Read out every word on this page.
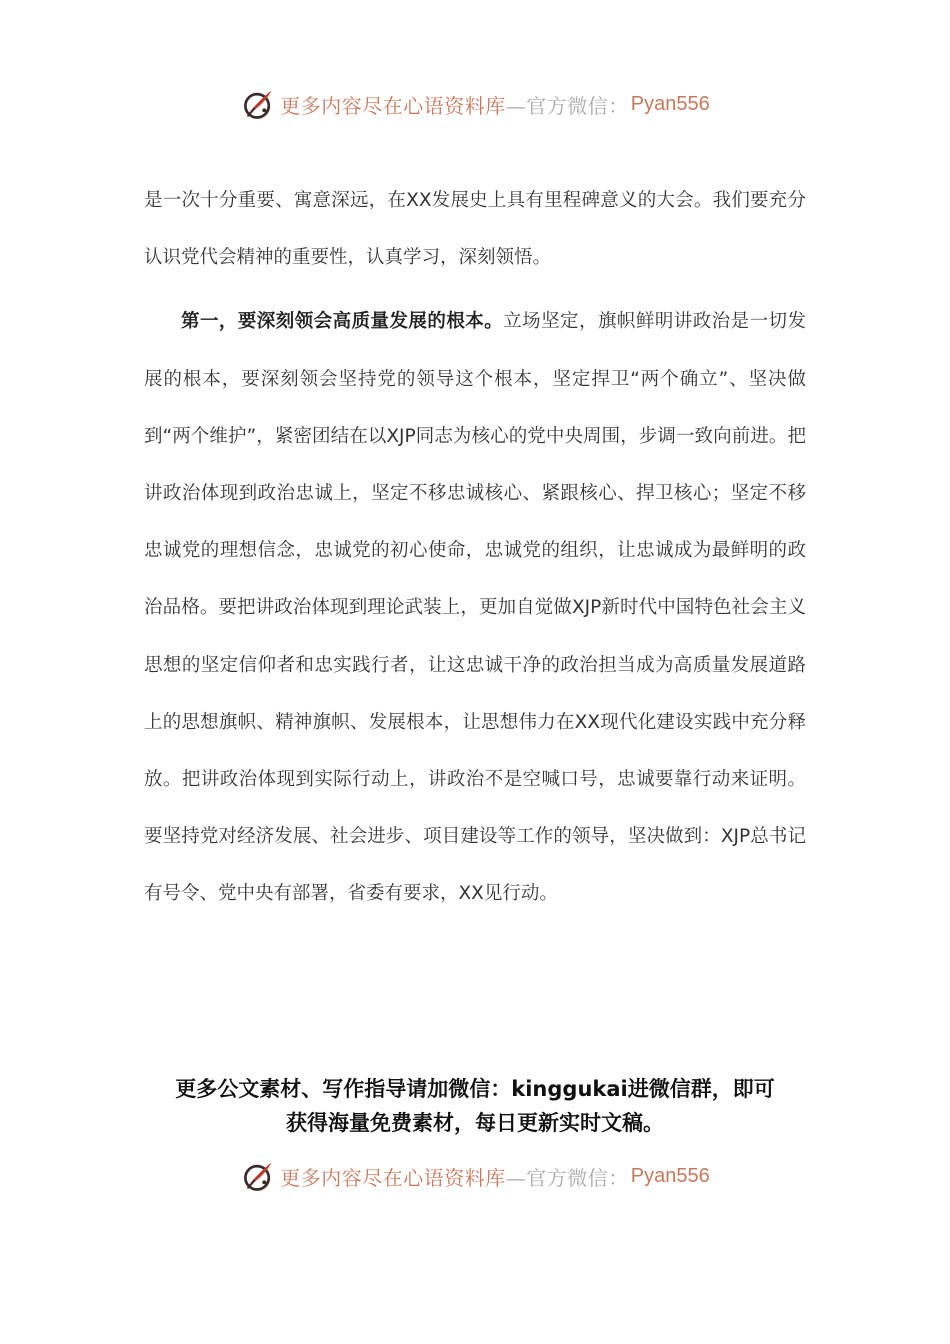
更多内容尽在心语资料库 —官方微信： Pyan556

是一次十分重要、寓意深远，在XX发展史上具有里程碑意义的大会。我们要充分认识党代会精神的重要性，认真学习，深刻领悟。

第一，要深刻领会高质量发展的根本。立场坚定，旗帜鲜明讲政治是一切发展的根本，要深刻领会坚持党的领导这个根本，坚定捍卫“两个确立”、坚决做到“两个维护”，紧密团结在以XJP同志为核心的党中央周围，步调一致向前进。把讲政治体现到政治忠诚上，坚定不移忠诚核心、紧跟核心、捍卫核心；坚定不移忠诚党的理想信念，忠诚党的初心使命，忠诚党的组织，让忠诚成为最鲜明的政治品格。要把讲政治体现到理论武装上，更加自觉做XJP新时代中国特色社会主义思想的坚定信仰者和忠实践行者，让这忠诚干净的政治担当成为高质量发展道路上的思想旗帜、精神旗帜、发展根本，让思想伟力在XX现代化建设实践中充分释放。把讲政治体现到实际行动上，讲政治不是空喊口号，忠诚要靠行动来证明。要坚持党对经济发展、社会进步、项目建设等工作的领导，坚决做到：XJP总书记有号令、党中央有部署，省委有要求，XX见行动。

更多公文素材、写作指导请加微信：kinggukai进微信群，即可
获得海量免费素材，每日更新实时文稿。
更多内容尽在心语资料库 —官方微信： Pyan556
